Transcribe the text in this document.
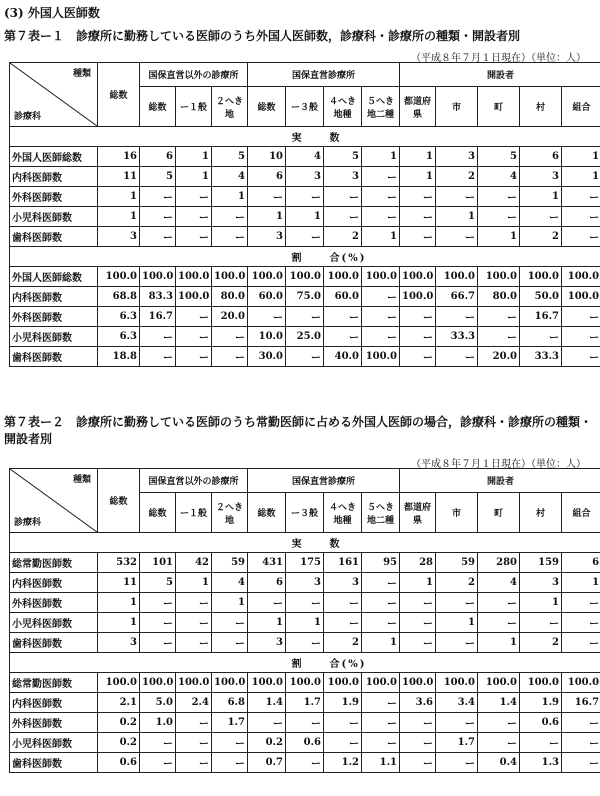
(3) 外国人医師数
第７表ー１　診療所に勤務している医師のうち外国人医師数，診療科・診療所の種類・開設者別
（平成８年７月１日現在）（単位：人）
種類
診療科	総数	国保直営以外の診療所			国保直営診療所				開設者				
		総数	ー１般	２へき地	総数	ー３般	４へき地種	５へき地二種	都道府県	市	町	村	組合
実							数						
外国人医師総数	16	6	1	5	10	4	5	1	1	3	5	6	1
内科医師数	11	5	1	4	6	3	3	ー	1	2	4	3	1
外科医師数	1	ー	ー	1	ー	ー	ー	ー	ー	ー	ー	1	ー
小児科医師数	1	ー	ー	ー	1	1	ー	ー	ー	1	ー	ー	ー
歯科医師数	3	ー	ー	ー	3	ー	2	1	ー	ー	1	2	ー
割							合(%)						
外国人医師総数	100.0	100.0	100.0	100.0	100.0	100.0	100.0	100.0	100.0	100.0	100.0	100.0	100.0
内科医師数	68.8	83.3	100.0	80.0	60.0	75.0	60.0	ー	100.0	66.7	80.0	50.0	100.0
外科医師数	6.3	16.7	ー	20.0	ー	ー	ー	ー	ー	ー	ー	16.7	ー
小児科医師数	6.3	ー	ー	ー	10.0	25.0	ー	ー	ー	33.3	ー	ー	ー
歯科医師数	18.8	ー	ー	ー	30.0	ー	40.0	100.0	ー	ー	20.0	33.3	ー
第７表ー２　診療所に勤務している医師のうち常勤医師に占める外国人医師の場合，診療科・診療所の種類・開設者別
（平成８年７月１日現在）（単位：人）
種類
診療科	総数	国保直営以外の診療所			国保直営診療所				開設者				
		総数	ー１般	２へき地	総数	ー３般	４へき地種	５へき地二種	都道府県	市	町	村	組合
実							数						
総常勤医師数	532	101	42	59	431	175	161	95	28	59	280	159	6
内科医師数	11	5	1	4	6	3	3	ー	1	2	4	3	1
外科医師数	1	ー	ー	1	ー	ー	ー	ー	ー	ー	ー	1	ー
小児科医師数	1	ー	ー	ー	1	1	ー	ー	ー	1	ー	ー	ー
歯科医師数	3	ー	ー	ー	3	ー	2	1	ー	ー	1	2	ー
割							合(%)						
総常勤医師数	100.0	100.0	100.0	100.0	100.0	100.0	100.0	100.0	100.0	100.0	100.0	100.0	100.0
内科医師数	2.1	5.0	2.4	6.8	1.4	1.7	1.9	ー	3.6	3.4	1.4	1.9	16.7
外科医師数	0.2	1.0	ー	1.7	ー	ー	ー	ー	ー	ー	ー	0.6	ー
小児科医師数	0.2	ー	ー	ー	0.2	0.6	ー	ー	ー	1.7	ー	ー	ー
歯科医師数	0.6	ー	ー	ー	0.7	ー	1.2	1.1	ー	ー	0.4	1.3	ー
